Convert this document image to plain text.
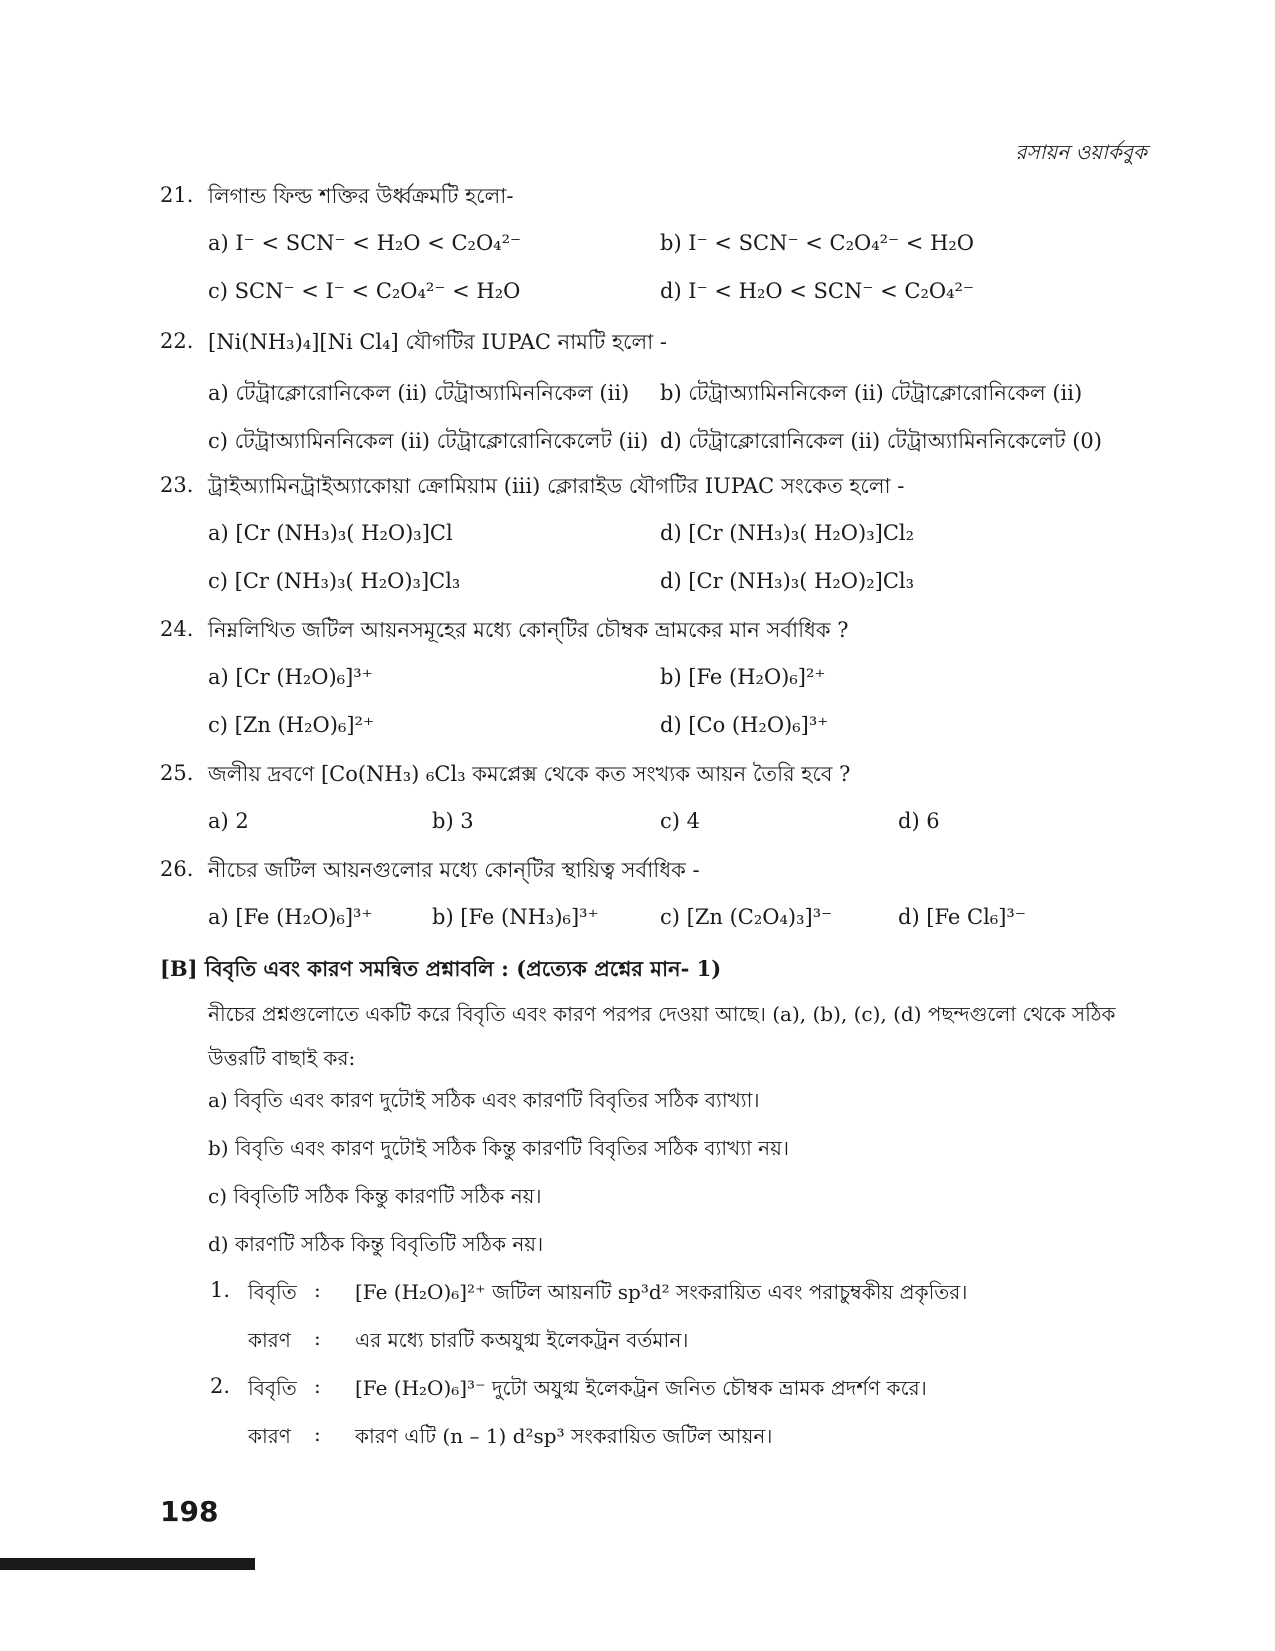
রসায়ন ওয়ার্কবুক
21. লিগান্ড ফিল্ড শক্তির উর্ধ্বক্রমটি হলো-
a) I⁻ < SCN⁻ < H₂O < C₂O₄²⁻	b) I⁻ < SCN⁻ < C₂O₄²⁻ < H₂O
c) SCN⁻ < I⁻ < C₂O₄²⁻ < H₂O	d) I⁻ < H₂O < SCN⁻ < C₂O₄²⁻
22. [Ni(NH₃)₄][Ni Cl₄] যৌগটির IUPAC নামটি হলো -
a) টেট্রাক্লোরোনিকেল (ii) টেট্রাঅ্যামিননিকেল (ii) b) টেট্রাঅ্যামিননিকেল (ii) টেট্রাক্লোরোনিকেল (ii)
c) টেট্রাঅ্যামিননিকেল (ii) টেট্রাক্লোরোনিকেলেট (ii) d) টেট্রাক্লোরোনিকেল (ii) টেট্রাঅ্যামিননিকেলেট (0)
23. ট্রাইঅ্যামিনট্রাইঅ্যাকোয়া ক্রোমিয়াম (iii) ক্লোরাইড যৌগটির IUPAC সংকেত হলো -
a) [Cr (NH₃)₃( H₂O)₃]Cl	d) [Cr (NH₃)₃( H₂O)₃]Cl₂
c) [Cr (NH₃)₃( H₂O)₃]Cl₃	d) [Cr (NH₃)₃( H₂O)₂]Cl₃
24. নিম্নলিখিত জটিল আয়নসমূহের মধ্যে কোন্‌টির চৌম্বক ভ্রামকের মান সর্বাধিক ?
a) [Cr (H₂O)₆]³⁺	b) [Fe (H₂O)₆]²⁺
c) [Zn (H₂O)₆]²⁺	d) [Co (H₂O)₆]³⁺
25. জলীয় দ্রবণে [Co(NH₃) ₆Cl₃ কমপ্লেক্স থেকে কত সংখ্যক আয়ন তৈরি হবে ?
a) 2	b) 3	c) 4	d) 6
26. নীচের জটিল আয়নগুলোর মধ্যে কোন্‌টির স্থায়িত্ব সর্বাধিক -
a) [Fe (H₂O)₆]³⁺	b) [Fe (NH₃)₆]³⁺	c) [Zn (C₂O₄)₃]³⁻	d) [Fe Cl₆]³⁻
[B] বিবৃতি এবং কারণ সমন্বিত প্রশ্নাবলি : (প্রত্যেক প্রশ্নের মান- 1)
নীচের প্রশ্নগুলোতে একটি করে বিবৃতি এবং কারণ পরপর দেওয়া আছে। (a), (b), (c), (d) পছন্দগুলো থেকে সঠিক উত্তরটি বাছাই কর:
a) বিবৃতি এবং কারণ দুটোই সঠিক এবং কারণটি বিবৃতির সঠিক ব্যাখ্যা।
b) বিবৃতি এবং কারণ দুটোই সঠিক কিন্তু কারণটি বিবৃতির সঠিক ব্যাখ্যা নয়।
c) বিবৃতিটি সঠিক কিন্তু কারণটি সঠিক নয়।
d) কারণটি সঠিক কিন্তু বিবৃতিটি সঠিক নয়।
1. বিবৃতি : [Fe (H₂O)₆]²⁺ জটিল আয়নটি sp³d² সংকরায়িত এবং পরাচুম্বকীয় প্রকৃতির।
কারণ : এর মধ্যে চারটি কঅযুগ্ম ইলেকট্রন বর্তমান।
2. বিবৃতি : [Fe (H₂O)₆]³⁻ দুটো অযুগ্ম ইলেকট্রন জনিত চৌম্বক ভ্রামক প্রদর্শণ করে।
কারণ : কারণ এটি (n – 1) d²sp³ সংকরায়িত জটিল আয়ন।
198
